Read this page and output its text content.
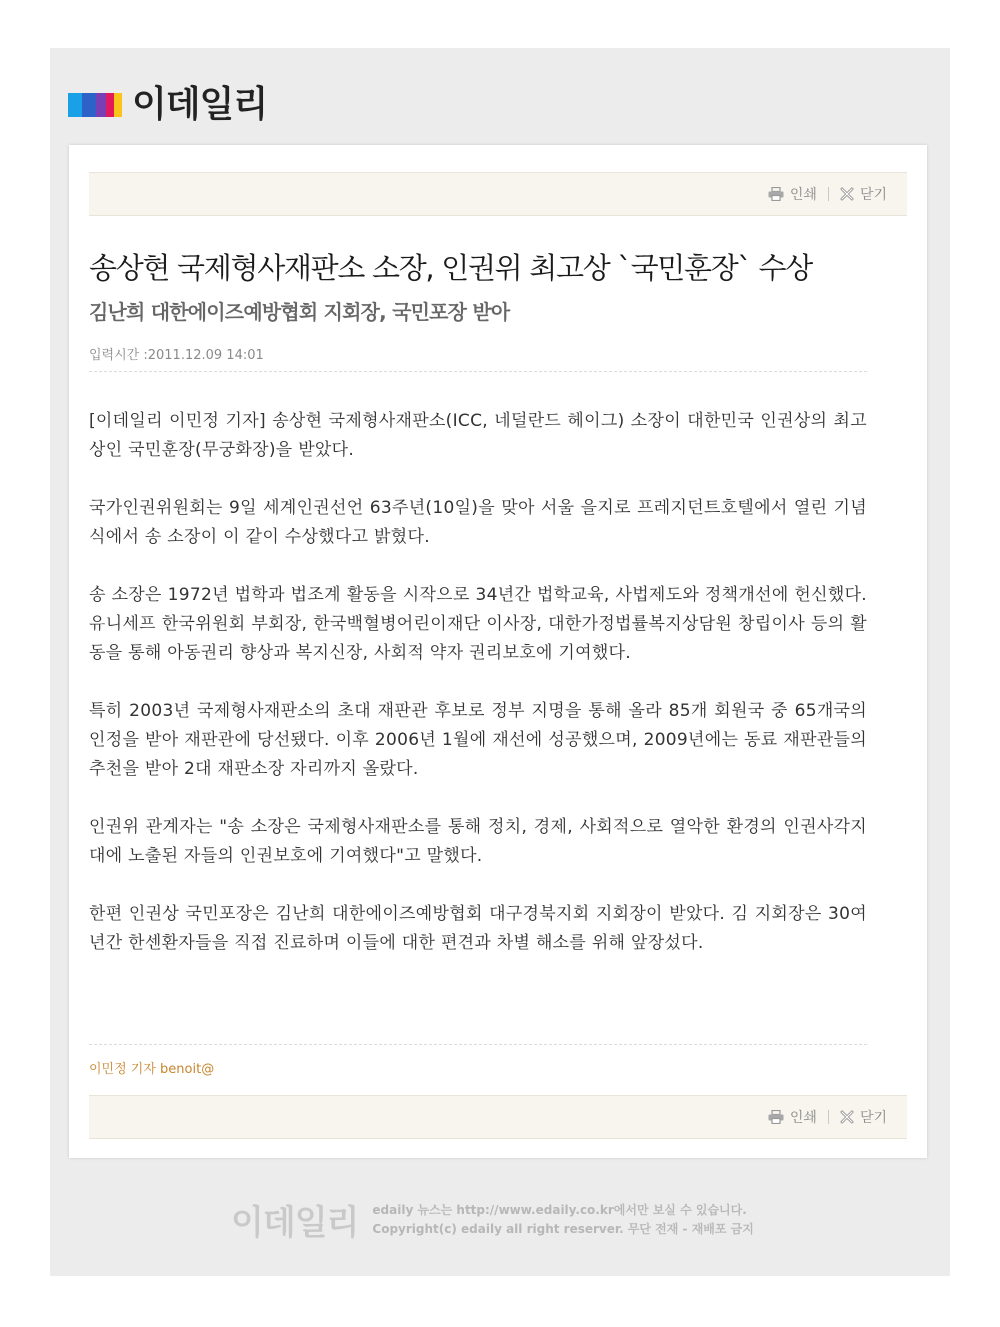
이데일리
인쇄	닫기
송상현 국제형사재판소 소장, 인권위 최고상 `국민훈장` 수상
김난희 대한에이즈예방협회 지회장, 국민포장 받아
입력시간 :2011.12.09 14:01

[이데일리 이민정 기자] 송상현 국제형사재판소(ICC, 네덜란드 헤이그) 소장이 대한민국 인권상의 최고상인 국민훈장(무궁화장)을 받았다.

국가인권위원회는 9일 세계인권선언 63주년(10일)을 맞아 서울 을지로 프레지던트호텔에서 열린 기념식에서 송 소장이 이 같이 수상했다고 밝혔다.

송 소장은 1972년 법학과 법조계 활동을 시작으로 34년간 법학교육, 사법제도와 정책개선에 헌신했다. 유니세프 한국위원회 부회장, 한국백혈병어린이재단 이사장, 대한가정법률복지상담원 창립이사 등의 활동을 통해 아동권리 향상과 복지신장, 사회적 약자 권리보호에 기여했다.

특히 2003년 국제형사재판소의 초대 재판관 후보로 정부 지명을 통해 올라 85개 회원국 중 65개국의 인정을 받아 재판관에 당선됐다. 이후 2006년 1월에 재선에 성공했으며, 2009년에는 동료 재판관들의 추천을 받아 2대 재판소장 자리까지 올랐다.

인권위 관계자는 "송 소장은 국제형사재판소를 통해 정치, 경제, 사회적으로 열악한 환경의 인권사각지대에 노출된 자들의 인권보호에 기여했다"고 말했다.

한편 인권상 국민포장은 김난희 대한에이즈예방협회 대구경북지회 지회장이 받았다. 김 지회장은 30여 년간 한센환자들을 직접 진료하며 이들에 대한 편견과 차별 해소를 위해 앞장섰다.

이민정 기자 benoit@
인쇄	닫기
이데일리 edaily 뉴스는 http://www.edaily.co.kr에서만 보실 수 있습니다.
Copyright(c) edaily all right reserver. 무단 전재 - 재배포 금지
